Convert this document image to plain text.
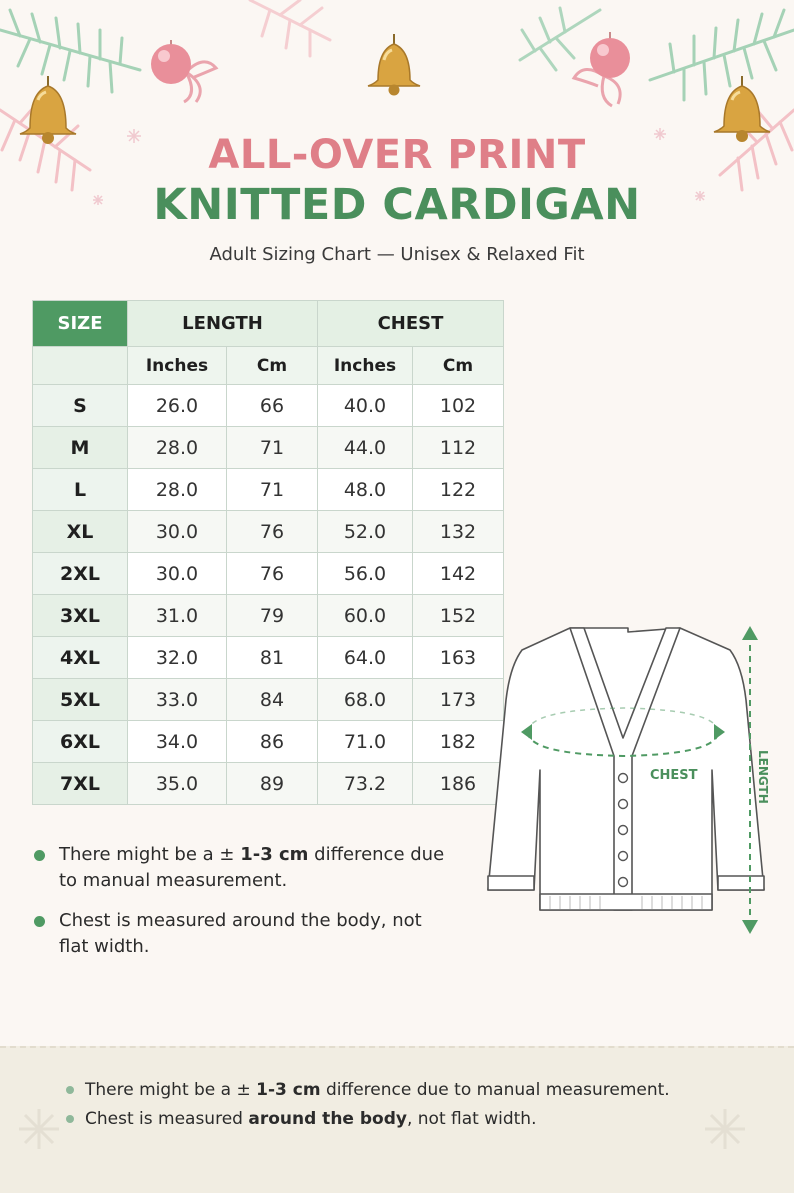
ALL-OVER PRINT
KNITTED CARDIGAN
Adult Sizing Chart — Unisex & Relaxed Fit
SIZE	LENGTH		CHEST	
	Inches	Cm	Inches	Cm
S	26.0	66	40.0	102
M	28.0	71	44.0	112
L	28.0	71	48.0	122
XL	30.0	76	52.0	132
2XL	30.0	76	56.0	142
3XL	31.0	79	60.0	152
4XL	32.0	81	64.0	163
5XL	33.0	84	68.0	173
6XL	34.0	86	71.0	182
7XL	35.0	89	73.2	186
There might be a ± 1-3 cm difference due to manual measurement.
Chest is measured around the body, not flat width.
CHEST	LENGTH
There might be a ± 1-3 cm difference due to manual measurement.
Chest is measured around the body, not flat width.
